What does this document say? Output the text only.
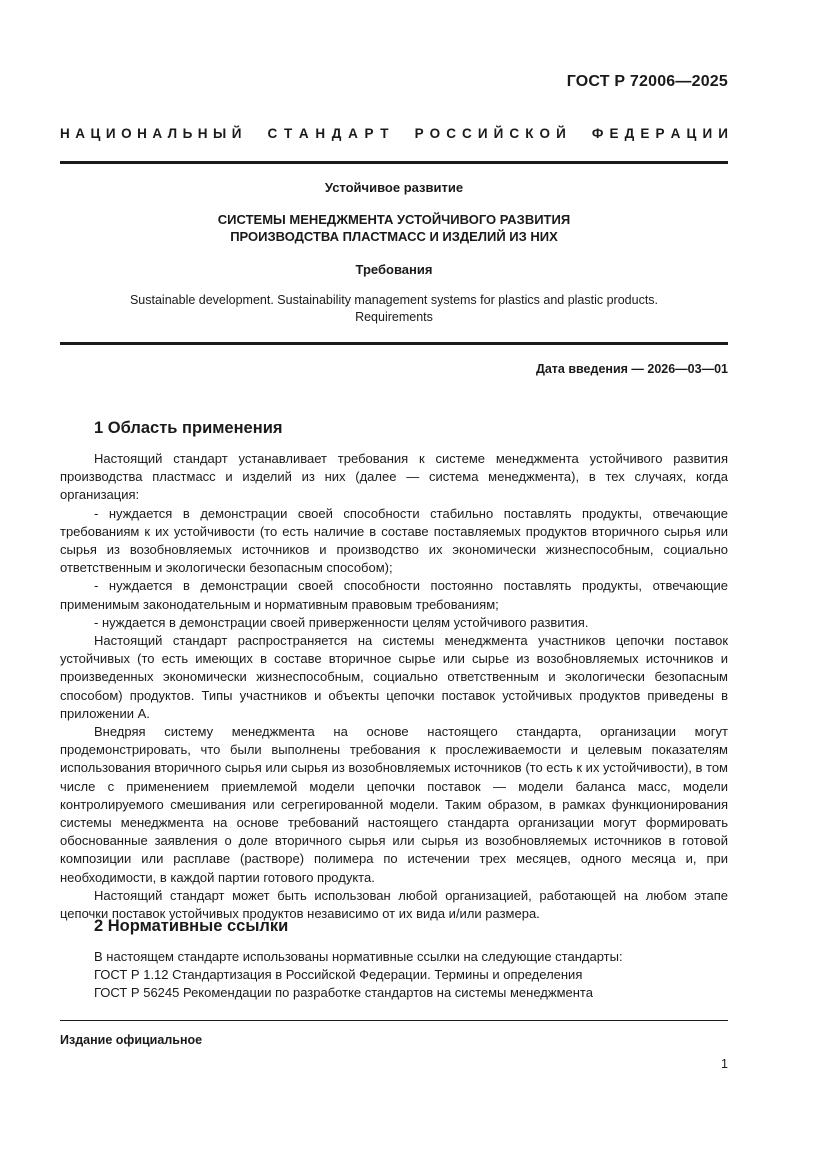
ГОСТ Р 72006—2025
Н А Ц И О Н А Л Ь Н Ы Й С Т А Н Д А Р Т Р О С С И Й С К О Й Ф Е Д Е Р А Ц И И
Устойчивое развитие
СИСТЕМЫ МЕНЕДЖМЕНТА УСТОЙЧИВОГО РАЗВИТИЯ
ПРОИЗВОДСТВА ПЛАСТМАСС И ИЗДЕЛИЙ ИЗ НИХ
Требования
Sustainable development. Sustainability management systems for plastics and plastic products.
Requirements
Дата введения — 2026—03—01
1 Область применения

Настоящий стандарт устанавливает требования к системе менеджмента устойчивого развития производства пластмасс и изделий из них (далее — система менеджмента), в тех случаях, когда организация:

- нуждается в демонстрации своей способности стабильно поставлять продукты, отвечающие требованиям к их устойчивости (то есть наличие в составе поставляемых продуктов вторичного сырья или сырья из возобновляемых источников и производство их экономически жизнеспособным, социально ответственным и экологически безопасным способом);

- нуждается в демонстрации своей способности постоянно поставлять продукты, отвечающие применимым законодательным и нормативным правовым требованиям;

- нуждается в демонстрации своей приверженности целям устойчивого развития.

Настоящий стандарт распространяется на системы менеджмента участников цепочки поставок устойчивых (то есть имеющих в составе вторичное сырье или сырье из возобновляемых источников и произведенных экономически жизнеспособным, социально ответственным и экологически безопасным способом) продуктов. Типы участников и объекты цепочки поставок устойчивых продуктов приведены в приложении А.

Внедряя систему менеджмента на основе настоящего стандарта, организации могут продемонстрировать, что были выполнены требования к прослеживаемости и целевым показателям использования вторичного сырья или сырья из возобновляемых источников (то есть к их устойчивости), в том числе с применением приемлемой модели цепочки поставок — модели баланса масс, модели контролируемого смешивания или сегрегированной модели. Таким образом, в рамках функционирования системы менеджмента на основе требований настоящего стандарта организации могут формировать обоснованные заявления о доле вторичного сырья или сырья из возобновляемых источников в готовой композиции или расплаве (растворе) полимера по истечении трех месяцев, одного месяца и, при необходимости, в каждой партии готового продукта.

Настоящий стандарт может быть использован любой организацией, работающей на любом этапе цепочки поставок устойчивых продуктов независимо от их вида и/или размера.

2 Нормативные ссылки

В настоящем стандарте использованы нормативные ссылки на следующие стандарты:

ГОСТ Р 1.12 Стандартизация в Российской Федерации. Термины и определения

ГОСТ Р 56245 Рекомендации по разработке стандартов на системы менеджмента

Издание официальное
1
